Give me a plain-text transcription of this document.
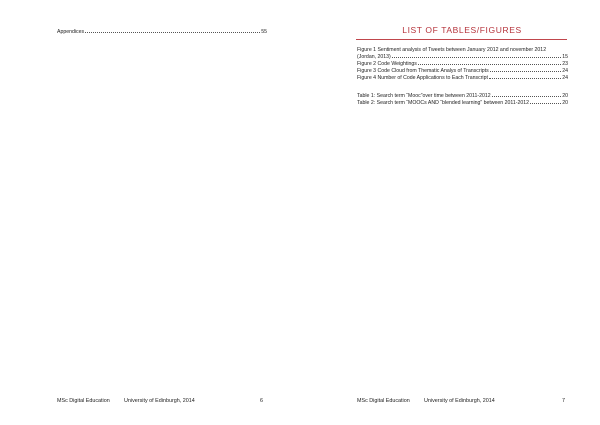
Appendices	55
MSc Digital Education	University of Edinburgh, 2014	6
LIST OF TABLES/FIGURES
Figure 1 Sentiment analysis of Tweets between January 2012 and november 2012
(Jordan, 2013)	15
Figure 2 Code Weightings	23
Figure 3 Code Cloud from Thematic Analys of Transcripts	24
Figure 4 Number of Code Applications to Each Transcript	24
Table 1: Search term “Mooc”over time between 2011-2012	20
Table 2: Search term “MOOCs AND “blended learning” between 2011-2012	20
MSc Digital Education	University of Edinburgh, 2014	7
